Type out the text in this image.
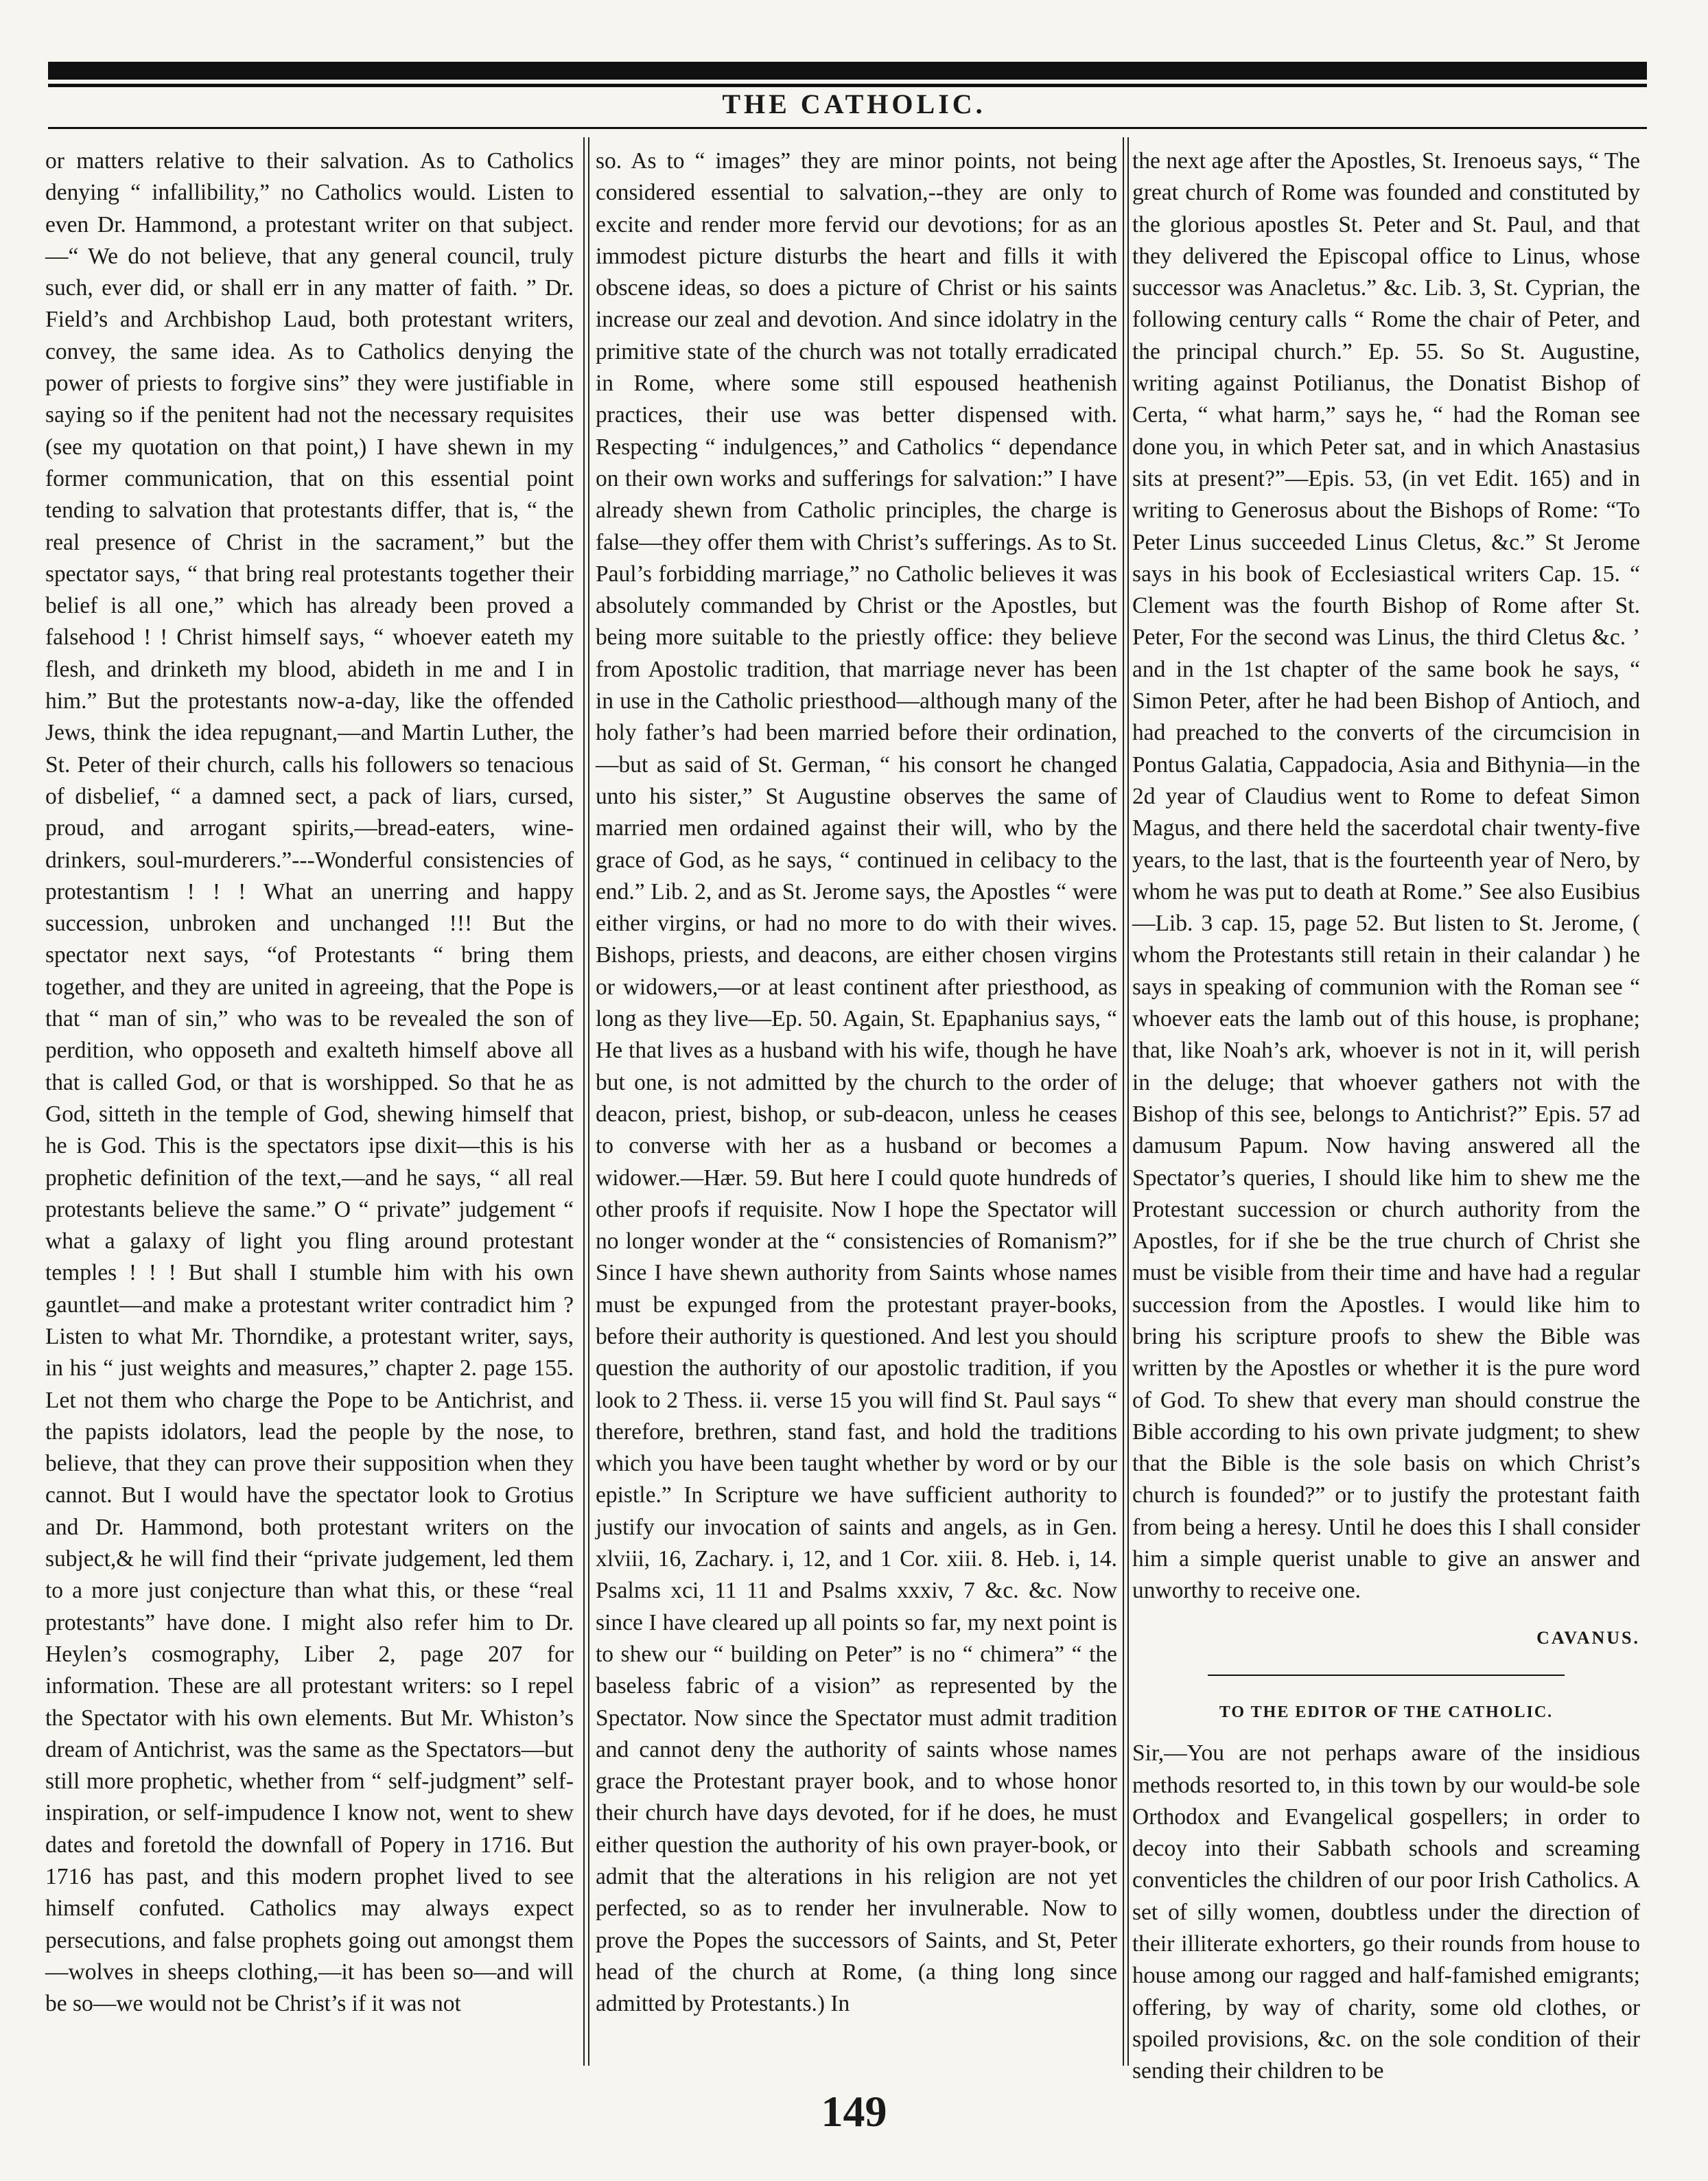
THE CATHOLIC.

or matters relative to their salvation. As to Catholics denying “ infallibility,” no Catholics would. Listen to even Dr. Hammond, a protestant writer on that subject.—“ We do not believe, that any general council, truly such, ever did, or shall err in any matter of faith. ” Dr. Field’s and Archbishop Laud, both protestant writers, convey, the same idea. As to Catholics denying the power of priests to forgive sins” they were justifiable in saying so if the penitent had not the necessary requisites (see my quotation on that point,) I have shewn in my former communication, that on this essential point tending to salvation that protestants differ, that is, “ the real presence of Christ in the sacrament,” but the spectator says, “ that bring real protestants together their belief is all one,” which has already been proved a falsehood ! ! Christ himself says, “ whoever eateth my flesh, and drinketh my blood, abideth in me and I in him.” But the protestants now-a-day, like the offended Jews, think the idea repugnant,—and Martin Luther, the St. Peter of their church, calls his followers so tenacious of disbelief, “ a damned sect, a pack of liars, cursed, proud, and arrogant spirits,—bread-eaters, wine-drinkers, soul-murderers.”---Wonderful consistencies of protestantism ! ! ! What an unerring and happy succession, unbroken and unchanged !!! But the spectator next says, “of Protestants “ bring them together, and they are united in agreeing, that the Pope is that “ man of sin,” who was to be revealed the son of perdition, who opposeth and exalteth himself above all that is called God, or that is worshipped. So that he as God, sitteth in the temple of God, shewing himself that he is God. This is the spectators ipse dixit—this is his prophetic definition of the text,—and he says, “ all real protestants believe the same.” O “ private” judgement “ what a galaxy of light you fling around protestant temples ! ! ! But shall I stumble him with his own gauntlet—and make a protestant writer contradict him ? Listen to what Mr. Thorndike, a protestant writer, says, in his “ just weights and measures,” chapter 2. page 155. Let not them who charge the Pope to be Antichrist, and the papists idolators, lead the people by the nose, to believe, that they can prove their supposition when they cannot. But I would have the spectator look to Grotius and Dr. Hammond, both protestant writers on the subject,& he will find their “private judgement, led them to a more just conjecture than what this, or these “real protestants” have done. I might also refer him to Dr. Heylen’s cosmography, Liber 2, page 207 for information. These are all protestant writers: so I repel the Spectator with his own elements. But Mr. Whiston’s dream of Antichrist, was the same as the Spectators—but still more prophetic, whether from “ self-judgment” self-inspiration, or self-impudence I know not, went to shew dates and foretold the downfall of Popery in 1716. But 1716 has past, and this modern prophet lived to see himself confuted. Catholics may always expect persecutions, and false prophets going out amongst them—wolves in sheeps clothing,—it has been so—and will be so—we would not be Christ’s if it was not

so. As to “ images” they are minor points, not being considered essential to salvation,--they are only to excite and render more fervid our devotions; for as an immodest picture disturbs the heart and fills it with obscene ideas, so does a picture of Christ or his saints increase our zeal and devotion. And since idolatry in the primitive state of the church was not totally erradicated in Rome, where some still espoused heathenish practices, their use was better dispensed with. Respecting “ indulgences,” and Catholics “ dependance on their own works and sufferings for salvation:” I have already shewn from Catholic principles, the charge is false—they offer them with Christ’s sufferings. As to St. Paul’s forbidding marriage,” no Catholic believes it was absolutely commanded by Christ or the Apostles, but being more suitable to the priestly office: they believe from Apostolic tradition, that marriage never has been in use in the Catholic priesthood—although many of the holy father’s had been married before their ordination,—but as said of St. German, “ his consort he changed unto his sister,” St Augustine observes the same of married men ordained against their will, who by the grace of God, as he says, “ continued in celibacy to the end.” Lib. 2, and as St. Jerome says, the Apostles “ were either virgins, or had no more to do with their wives. Bishops, priests, and deacons, are either chosen virgins or widowers,—or at least continent after priesthood, as long as they live—Ep. 50. Again, St. Epaphanius says, “ He that lives as a husband with his wife, though he have but one, is not admitted by the church to the order of deacon, priest, bishop, or sub-deacon, unless he ceases to converse with her as a husband or becomes a widower.—Hær. 59. But here I could quote hundreds of other proofs if requisite. Now I hope the Spectator will no longer wonder at the “ consistencies of Romanism?” Since I have shewn authority from Saints whose names must be expunged from the protestant prayer-books, before their authority is questioned. And lest you should question the authority of our apostolic tradition, if you look to 2 Thess. ii. verse 15 you will find St. Paul says “ therefore, brethren, stand fast, and hold the traditions which you have been taught whether by word or by our epistle.” In Scripture we have sufficient authority to justify our invocation of saints and angels, as in Gen. xlviii, 16, Zachary. i, 12, and 1 Cor. xiii. 8. Heb. i, 14. Psalms xci, 11 11 and Psalms xxxiv, 7 &c. &c. Now since I have cleared up all points so far, my next point is to shew our “ building on Peter” is no “ chimera” “ the baseless fabric of a vision” as represented by the Spectator. Now since the Spectator must admit tradition and cannot deny the authority of saints whose names grace the Protestant prayer book, and to whose honor their church have days devoted, for if he does, he must either question the authority of his own prayer-book, or admit that the alterations in his religion are not yet perfected, so as to render her invulnerable. Now to prove the Popes the successors of Saints, and St, Peter head of the church at Rome, (a thing long since admitted by Protestants.) In

the next age after the Apostles, St. Irenoeus says, “ The great church of Rome was founded and constituted by the glorious apostles St. Peter and St. Paul, and that they delivered the Episcopal office to Linus, whose successor was Anacletus.” &c. Lib. 3, St. Cyprian, the following century calls “ Rome the chair of Peter, and the principal church.” Ep. 55. So St. Augustine, writing against Potilianus, the Donatist Bishop of Certa, “ what harm,” says he, “ had the Roman see done you, in which Peter sat, and in which Anastasius sits at present?”—Epis. 53, (in vet Edit. 165) and in writing to Generosus about the Bishops of Rome: “To Peter Linus succeeded Linus Cletus, &c.” St Jerome says in his book of Ecclesiastical writers Cap. 15. “ Clement was the fourth Bishop of Rome after St. Peter, For the second was Linus, the third Cletus &c. ’ and in the 1st chapter of the same book he says, “ Simon Peter, after he had been Bishop of Antioch, and had preached to the converts of the circumcision in Pontus Galatia, Cappadocia, Asia and Bithynia—in the 2d year of Claudius went to Rome to defeat Simon Magus, and there held the sacerdotal chair twenty-five years, to the last, that is the fourteenth year of Nero, by whom he was put to death at Rome.” See also Eusibius—Lib. 3 cap. 15, page 52. But listen to St. Jerome, ( whom the Protestants still retain in their calandar ) he says in speaking of communion with the Roman see “ whoever eats the lamb out of this house, is prophane; that, like Noah’s ark, whoever is not in it, will perish in the deluge; that whoever gathers not with the Bishop of this see, belongs to Antichrist?” Epis. 57 ad damusum Papum. Now having answered all the Spectator’s queries, I should like him to shew me the Protestant succession or church authority from the Apostles, for if she be the true church of Christ she must be visible from their time and have had a regular succession from the Apostles. I would like him to bring his scripture proofs to shew the Bible was written by the Apostles or whether it is the pure word of God. To shew that every man should construe the Bible according to his own private judgment; to shew that the Bible is the sole basis on which Christ’s church is founded?” or to justify the protestant faith from being a heresy. Until he does this I shall consider him a simple querist unable to give an answer and unworthy to receive one.

CAVANUS.
TO THE EDITOR OF THE CATHOLIC.

Sir,—You are not perhaps aware of the insidious methods resorted to, in this town by our would-be sole Orthodox and Evangelical gospellers; in order to decoy into their Sabbath schools and screaming conventicles the children of our poor Irish Catholics. A set of silly women, doubtless under the direction of their illiterate exhorters, go their rounds from house to house among our ragged and half-famished emigrants; offering, by way of charity, some old clothes, or spoiled provisions, &c. on the sole condition of their sending their children to be

149
